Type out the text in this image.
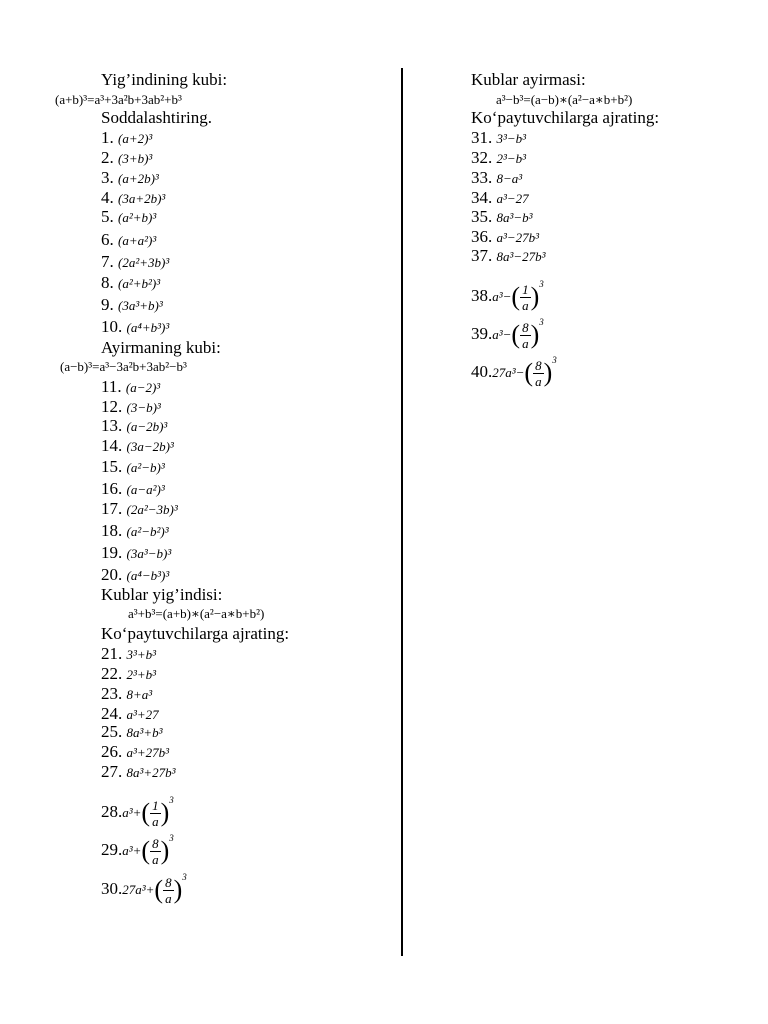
Yig’indining kubi:
(a+b)³=a³+3a²b+3ab²+b³
Soddalashtiring.
1. (a+2)³
2. (3+b)³
3. (a+2b)³
4. (3a+2b)³
5. (a²+b)³
6. (a+a²)³
7. (2a²+3b)³
8. (a²+b²)³
9. (3a³+b)³
10. (a⁴+b³)³
Ayirmaning kubi:
(a−b)³=a³−3a²b+3ab²−b³
11. (a−2)³
12. (3−b)³
13. (a−2b)³
14. (3a−2b)³
15. (a²−b)³
16. (a−a²)³
17. (2a²−3b)³
18. (a²−b²)³
19. (3a³−b)³
20. (a⁴−b³)³
Kublar yig’indisi:
a³+b³=(a+b)∗(a²−a∗b+b²)
Ko‘paytuvchilarga ajrating:
21. 3³+b³
22. 2³+b³
23. 8+a³
24. a³+27
25. 8a³+b³
26. a³+27b³
27. 8a³+27b³
$28.a^3+( \frac{1}{a} )^3$
$29.a^3+( \frac{8}{a} )^3$
$30.27a^3+( \frac{8}{a} )^3$
Kublar ayirmasi:
a³−b³=(a−b)∗(a²−a∗b+b²)
Ko‘paytuvchilarga ajrating:
31. 3³−b³
32. 2³−b³
33. 8−a³
34. a³−27
35. 8a³−b³
36. a³−27b³
37. 8a³−27b³
$38.a^3-( \frac{1}{a} )^3$
$39.a^3-( \frac{8}{a} )^3$
$40.27a^3-( \frac{8}{a} )^3$
